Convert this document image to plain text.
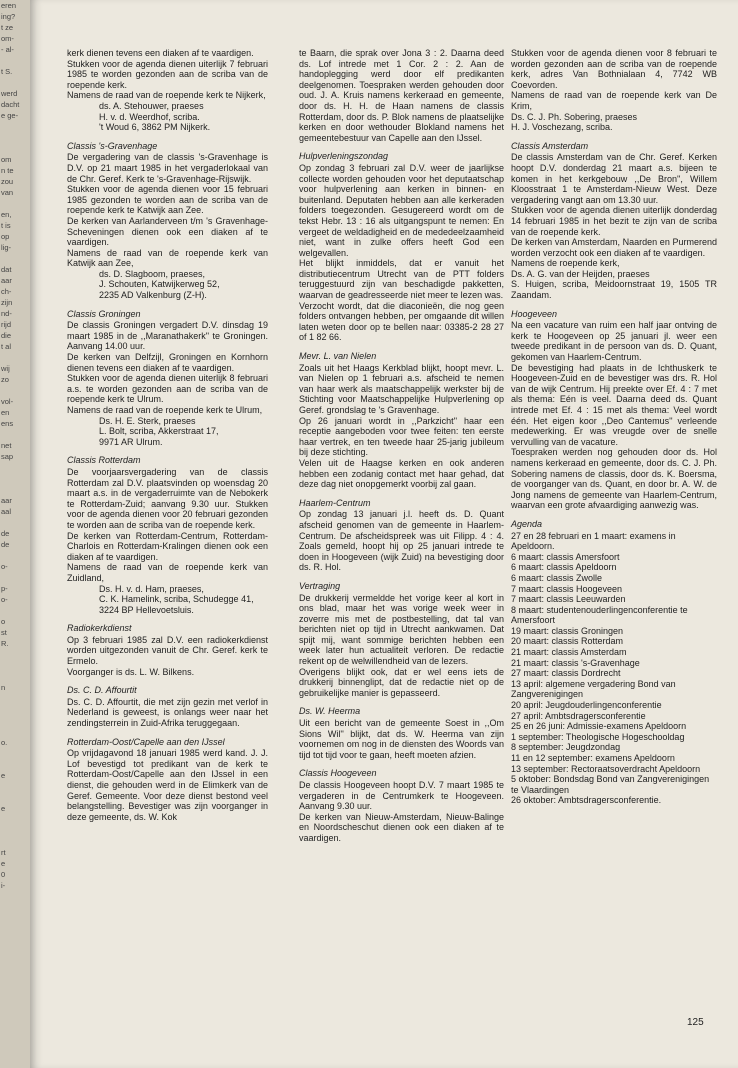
eren
ing?
t ze
om-
- al-

t S.

werd
dacht
e ge-

om
n te
zou
van

en,
t is
op
lig-

dat
aar
ch-
zijn
nd-
rijd
die
t al

wij
zo

vol-
en
ens

net
sap

aar
aal

de
de

o-

p-
o-

o
st
R.

n

o.

e

e

rt
e
0
i-
kerk dienen tevens een diaken af te vaardigen.
Stukken voor de agenda dienen uiterlijk 7 februari 1985 te worden gezonden aan de scriba van de roepende kerk.
Namens de raad van de roepende kerk te Nijkerk,
ds. A. Stehouwer, praeses
H. v. d. Weerdhof, scriba.
't Woud 6, 3862 PM Nijkerk.
Classis 's-Gravenhage
De vergadering van de classis 's-Gravenhage is D.V. op 21 maart 1985 in het vergaderlokaal van de Chr. Geref. Kerk te 's-Gravenhage-Rijswijk.
Stukken voor de agenda dienen voor 15 februari 1985 gezonden te worden aan de scriba van de roepende kerk te Katwijk aan Zee.
De kerken van Aarlanderveen t/m 's Gravenhage-Scheveningen dienen ook een diaken af te vaardigen.
Namens de raad van de roepende kerk van Katwijk aan Zee,
ds. D. Slagboom, praeses,
J. Schouten, Katwijkerweg 52,
2235 AD Valkenburg (Z-H).
Classis Groningen
De classis Groningen vergadert D.V. dinsdag 19 maart 1985 in de ,,Maranathakerk'' te Groningen. Aanvang 14.00 uur.
De kerken van Delfzijl, Groningen en Kornhorn dienen tevens een diaken af te vaardigen.
Stukken voor de agenda dienen uiterlijk 8 februari a.s. te worden gezonden aan de scriba van de roepende kerk te Ulrum.
Namens de raad van de roepende kerk te Ulrum,
Ds. H. E. Sterk, praeses
L. Bolt, scriba, Akkerstraat 17,
9971 AR Ulrum.
Classis Rotterdam
De voorjaarsvergadering van de classis Rotterdam zal D.V. plaatsvinden op woensdag 20 maart a.s. in de vergaderruimte van de Nebokerk te Rotterdam-Zuid; aanvang 9.30 uur. Stukken voor de agenda dienen voor 20 februari gezonden te worden aan de scriba van de roepende kerk.
De kerken van Rotterdam-Centrum, Rotterdam-Charlois en Rotterdam-Kralingen dienen ook een diaken af te vaardigen.
Namens de raad van de roepende kerk van Zuidland,
Ds. H. v. d. Ham, praeses,
C. K. Hamelink, scriba, Schudegge 41,
3224 BP Hellevoetsluis.
Radiokerkdienst
Op 3 februari 1985 zal D.V. een radiokerkdienst worden uitgezonden vanuit de Chr. Geref. kerk te Ermelo.
Voorganger is ds. L. W. Bilkens.
Ds. C. D. Affourtit
Ds. C. D. Affourtit, die met zijn gezin met verlof in Nederland is geweest, is onlangs weer naar het zendingsterrein in Zuid-Afrika teruggegaan.
Rotterdam-Oost/Capelle aan den IJssel
Op vrijdagavond 18 januari 1985 werd kand. J. J. Lof bevestigd tot predikant van de kerk te Rotterdam-Oost/Capelle aan den IJssel in een dienst, die gehouden werd in de Elimkerk van de Geref. Gemeente. Voor deze dienst bestond veel belangstelling. Bevestiger was zijn voorganger in deze gemeente, ds. W. Kok
te Baarn, die sprak over Jona 3 : 2. Daarna deed ds. Lof intrede met 1 Cor. 2 : 2. Aan de handoplegging werd door elf predikanten deelgenomen. Toespraken werden gehouden door oud. J. A. Kruis namens kerkeraad en gemeente, door ds. H. H. de Haan namens de classis Rotterdam, door ds. P. Blok namens de plaatselijke kerken en door wethouder Blokland namens het gemeentebestuur van Capelle aan den IJssel.
Hulpverleningszondag
Op zondag 3 februari zal D.V. weer de jaarlijkse collecte worden gehouden voor het deputaatschap voor hulpverlening aan kerken in binnen- en buitenland. Deputaten hebben aan alle kerkeraden folders toegezonden. Gesugereerd wordt om de tekst Hebr. 13 : 16 als uitgangspunt te nemen: En vergeet de weldadigheid en de mededeelzaamheid niet, want in zulke offers heeft God een welgevallen.
Het blijkt inmiddels, dat er vanuit het distributiecentrum Utrecht van de PTT folders teruggestuurd zijn van beschadigde pakketten, waarvan de geadresseerde niet meer te lezen was.
Verzocht wordt, dat die diaconieën, die nog geen folders ontvangen hebben, per omgaande dit willen laten weten door op te bellen naar: 03385-2 28 27 of 1 82 66.
Mevr. L. van Nielen
Zoals uit het Haags Kerkblad blijkt, hoopt mevr. L. van Nielen op 1 februari a.s. afscheid te nemen van haar werk als maatschappelijk werkster bij de Stichting voor Maatschappelijke Hulpverlening op Geref. grondslag te 's Gravenhage.
Op 26 januari wordt in ,,Parkzicht'' haar een receptie aangeboden voor twee feiten: ten eerste haar vertrek, en ten tweede haar 25-jarig jubileum bij deze stichting.
Velen uit de Haagse kerken en ook anderen hebben een zodanig contact met haar gehad, dat deze dag niet onopgemerkt voorbij zal gaan.
Haarlem-Centrum
Op zondag 13 januari j.l. heeft ds. D. Quant afscheid genomen van de gemeente in Haarlem-Centrum. De afscheidspreek was uit Filipp. 4 : 4. Zoals gemeld, hoopt hij op 25 januari intrede te doen in Hoogeveen (wijk Zuid) na bevestiging door ds. R. Hol.
Vertraging
De drukkerij vermeldde het vorige keer al kort in ons blad, maar het was vorige week weer in zoverre mis met de postbestelling, dat tal van berichten niet op tijd in Utrecht aankwamen. Dat spijt mij, want sommige berichten hebben een week later hun actualiteit verloren. De redactie rekent op de welwillendheid van de lezers.
Overigens blijkt ook, dat er wel eens iets de drukkerij binnenglipt, dat de redactie niet op de gebruikelijke manier is gepasseerd.
Ds. W. Heerma
Uit een bericht van de gemeente Soest in ,,Om Sions Wil'' blijkt, dat ds. W. Heerma van zijn voornemen om nog in de diensten des Woords van tijd tot tijd voor te gaan, heeft moeten afzien.
Classis Hoogeveen
De classis Hoogeveen hoopt D.V. 7 maart 1985 te vergaderen in de Centrumkerk te Hoogeveen. Aanvang 9.30 uur.
De kerken van Nieuw-Amsterdam, Nieuw-Balinge en Noordscheschut dienen ook een diaken af te vaardigen.
Stukken voor de agenda dienen voor 8 februari te worden gezonden aan de scriba van de roepende kerk, adres Van Bothnialaan 4, 7742 WB Coevorden.
Namens de raad van de roepende kerk van De Krim,
Ds. C. J. Ph. Sobering, praeses
H. J. Voschezang, scriba.
Classis Amsterdam
De classis Amsterdam van de Chr. Geref. Kerken hoopt D.V. donderdag 21 maart a.s. bijeen te komen in het kerkgebouw ,,De Bron'', Willem Kloosstraat 1 te Amsterdam-Nieuw West. Deze vergadering vangt aan om 13.30 uur.
Stukken voor de agenda dienen uiterlijk donderdag 14 februari 1985 in het bezit te zijn van de scriba van de roepende kerk.
De kerken van Amsterdam, Naarden en Purmerend worden verzocht ook een diaken af te vaardigen.
Namens de roepende kerk,
Ds. A. G. van der Heijden, praeses
S. Huigen, scriba, Meidoornstraat 19, 1505 TR Zaandam.
Hoogeveen
Na een vacature van ruim een half jaar ontving de kerk te Hoogeveen op 25 januari jl. weer een tweede predikant in de persoon van ds. D. Quant, gekomen van Haarlem-Centrum.
De bevestiging had plaats in de Ichthuskerk te Hoogeveen-Zuid en de bevestiger was drs. R. Hol van de wijk Centrum. Hij preekte over Ef. 4 : 7 met als thema: Eén is veel. Daarna deed ds. Quant intrede met Ef. 4 : 15 met als thema: Veel wordt één. Het eigen koor ,,Deo Cantemus'' verleende medewerking. Er was vreugde over de snelle vervulling van de vacature.
Toespraken werden nog gehouden door ds. Hol namens kerkeraad en gemeente, door ds. C. J. Ph. Sobering namens de classis, door ds. K. Boersma, de voorganger van ds. Quant, en door br. A. W. de Jong namens de gemeente van Haarlem-Centrum, waarvan een grote afvaardiging aanwezig was.
Agenda
27 en 28 februari en 1 maart: examens in Apeldoorn.
6 maart: classis Amersfoort
6 maart: classis Apeldoorn
6 maart: classis Zwolle
7 maart: classis Hoogeveen
7 maart: classis Leeuwarden
8 maart: studentenouderlingenconferentie te Amersfoort
19 maart: classis Groningen
20 maart: classis Rotterdam
21 maart: classis Amsterdam
21 maart: classis 's-Gravenhage
27 maart: classis Dordrecht
13 april: algemene vergadering Bond van Zangverenigingen
20 april: Jeugdouderlingenconferentie
27 april: Ambtsdragersconferentie
25 en 26 juni: Admissie-examens Apeldoorn
1 september: Theologische Hogeschooldag
8 september: Jeugdzondag
11 en 12 september: examens Apeldoorn
13 september: Rectoraatsoverdracht Apeldoorn
5 oktober: Bondsdag Bond van Zangverenigingen te Vlaardingen
26 oktober: Ambtsdragersconferentie.
125
